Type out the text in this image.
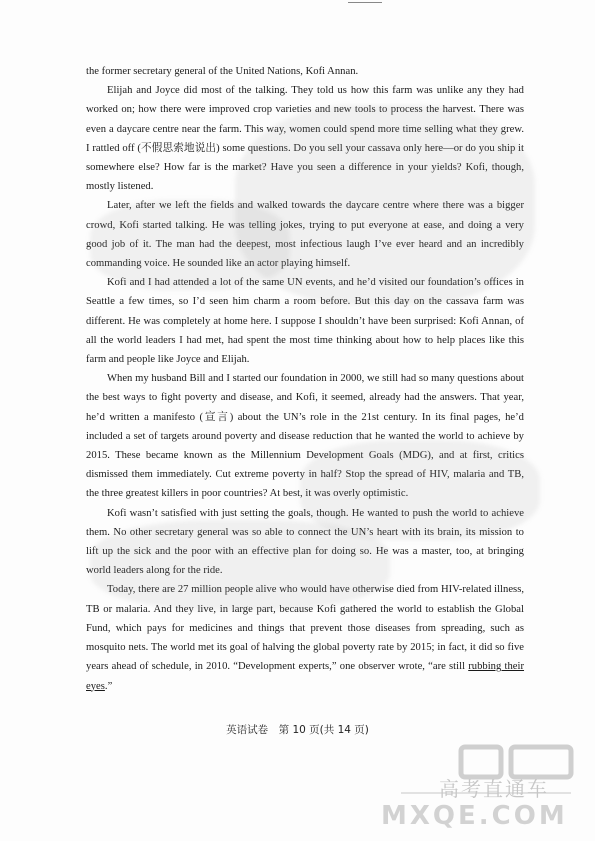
the former secretary general of the United Nations, Kofi Annan.

Elijah and Joyce did most of the talking. They told us how this farm was unlike any they had worked on; how there were improved crop varieties and new tools to process the harvest. There was even a daycare centre near the farm. This way, women could spend more time selling what they grew. I rattled off (不假思索地说出) some questions. Do you sell your cassava only here—or do you ship it somewhere else? How far is the market? Have you seen a difference in your yields? Kofi, though, mostly listened.

Later, after we left the fields and walked towards the daycare centre where there was a bigger crowd, Kofi started talking. He was telling jokes, trying to put everyone at ease, and doing a very good job of it. The man had the deepest, most infectious laugh I’ve ever heard and an incredibly commanding voice. He sounded like an actor playing himself.

Kofi and I had attended a lot of the same UN events, and he’d visited our foundation’s offices in Seattle a few times, so I’d seen him charm a room before. But this day on the cassava farm was different. He was completely at home here. I suppose I shouldn’t have been surprised: Kofi Annan, of all the world leaders I had met, had spent the most time thinking about how to help places like this farm and people like Joyce and Elijah.

When my husband Bill and I started our foundation in 2000, we still had so many questions about the best ways to fight poverty and disease, and Kofi, it seemed, already had the answers. That year, he’d written a manifesto (宣言) about the UN’s role in the 21st century. In its final pages, he’d included a set of targets around poverty and disease reduction that he wanted the world to achieve by 2015. These became known as the Millennium Development Goals (MDG), and at first, critics dismissed them immediately. Cut extreme poverty in half? Stop the spread of HIV, malaria and TB, the three greatest killers in poor countries? At best, it was overly optimistic.

Kofi wasn’t satisfied with just setting the goals, though. He wanted to push the world to achieve them. No other secretary general was so able to connect the UN’s heart with its brain, its mission to lift up the sick and the poor with an effective plan for doing so. He was a master, too, at bringing world leaders along for the ride.

Today, there are 27 million people alive who would have otherwise died from HIV-related illness, TB or malaria. And they live, in large part, because Kofi gathered the world to establish the Global Fund, which pays for medicines and things that prevent those diseases from spreading, such as mosquito nets. The world met its goal of halving the global poverty rate by 2015; in fact, it did so five years ahead of schedule, in 2010. “Development experts,” one observer wrote, “are still rubbing their eyes.”

英语试卷　第 10 页(共 14 页)
高考直通车
MXQE.COM
